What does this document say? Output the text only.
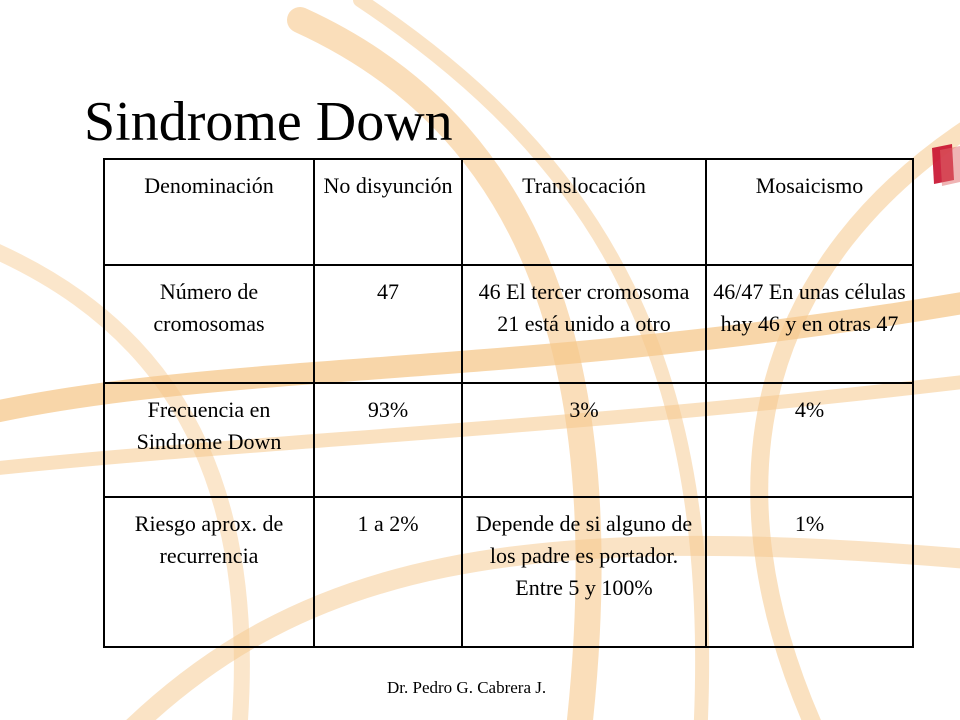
Sindrome Down
Denominación	No disyunción	Translocación	Mosaicismo
Número de cromosomas	47	46 El tercer cromosoma 21 está unido a otro	46/47 En unas células hay 46 y en otras 47
Frecuencia en Sindrome Down	93%	3%	4%
Riesgo aprox. de recurrencia	1 a 2%	Depende de si alguno de los padre es portador. Entre 5 y 100%	1%
Dr. Pedro G. Cabrera J.
